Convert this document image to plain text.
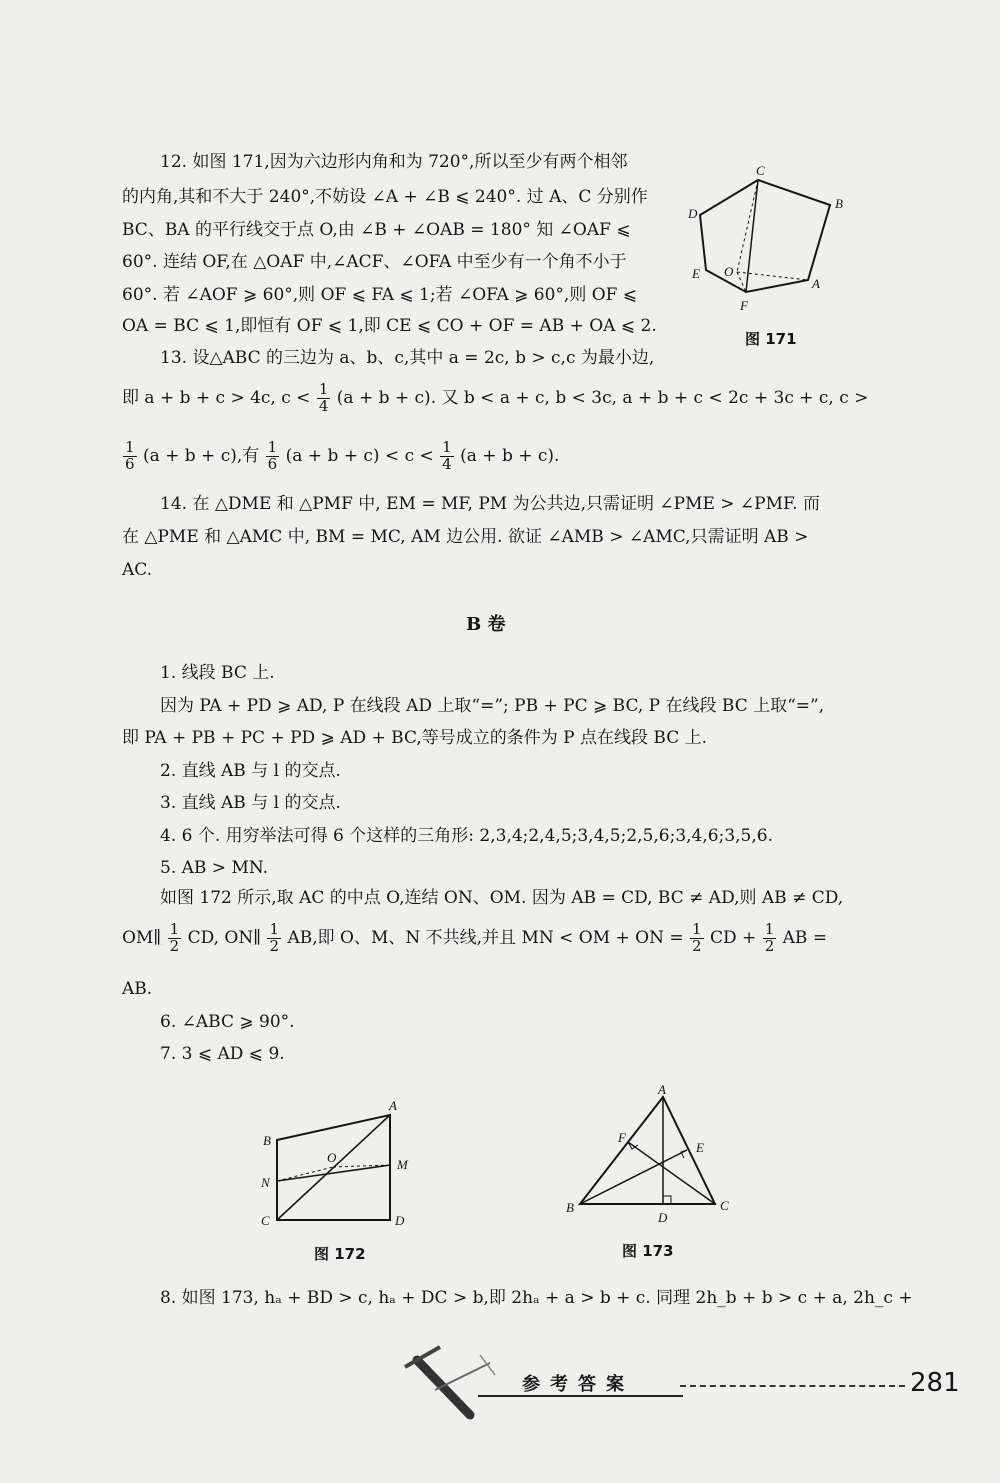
12. 如图 171,因为六边形内角和为 720°,所以至少有两个相邻
的内角,其和不大于 240°,不妨设 ∠A + ∠B ⩽ 240°. 过 A、C 分别作
BC、BA 的平行线交于点 O,由 ∠B + ∠OAB = 180° 知 ∠OAF ⩽
60°. 连结 OF,在 △OAF 中,∠ACF、∠OFA 中至少有一个角不小于
60°. 若 ∠AOF ⩾ 60°,则 OF ⩽ FA ⩽ 1;若 ∠OFA ⩾ 60°,则 OF ⩽
OA = BC ⩽ 1,即恒有 OF ⩽ 1,即 CE ⩽ CO + OF = AB + OA ⩽ 2.
C
B
D
E O
A
F
图 171
13. 设△ABC 的三边为 a、b、c,其中 a = 2c, b > c,c 为最小边,
即 a + b + c > 4c, $c < \frac{1}{4} (a + b + c)$. 又 b < a + c, b < 3c, a + b + c < 2c + 3c + c, c >
$\frac{1}{6} (a + b + c)$,有 $\frac{1}{6} (a + b + c) < c < \frac{1}{4} (a + b + c)$.
14. 在 △DME 和 △PMF 中, EM = MF, PM 为公共边,只需证明 ∠PME > ∠PMF. 而
在 △PME 和 △AMC 中, BM = MC, AM 边公用. 欲证 ∠AMB > ∠AMC,只需证明 AB >
AC.
B 卷
1. 线段 BC 上.
因为 PA + PD ⩾ AD, P 在线段 AD 上取“=”; PB + PC ⩾ BC, P 在线段 BC 上取“=”,
即 PA + PB + PC + PD ⩾ AD + BC,等号成立的条件为 P 点在线段 BC 上.
2. 直线 AB 与 l 的交点.
3. 直线 AB 与 l 的交点.
4. 6 个. 用穷举法可得 6 个这样的三角形: 2,3,4;2,4,5;3,4,5;2,5,6;3,4,6;3,5,6.
5. AB > MN.
如图 172 所示,取 AC 的中点 O,连结 ON、OM. 因为 AB = CD, BC ≠ AD,则 AB ≠ CD,
OM∥ $\frac{1}{2}$ CD, ON∥ $\frac{1}{2}$ AB,即 O、M、N 不共线,并且 MN < OM + ON = $\frac{1}{2}$ CD + $\frac{1}{2}$ AB =
AB.
6. ∠ABC ⩾ 90°.
7. 3 ⩽ AD ⩽ 9.
A
B
O	M
N
C	D
图 172
A
F
E
B
D
C
图 173
8. 如图 173, hₐ + BD > c, hₐ + DC > b,即 2hₐ + a > b + c. 同理 2h_b + b > c + a, 2h_c +
参考答案	281
